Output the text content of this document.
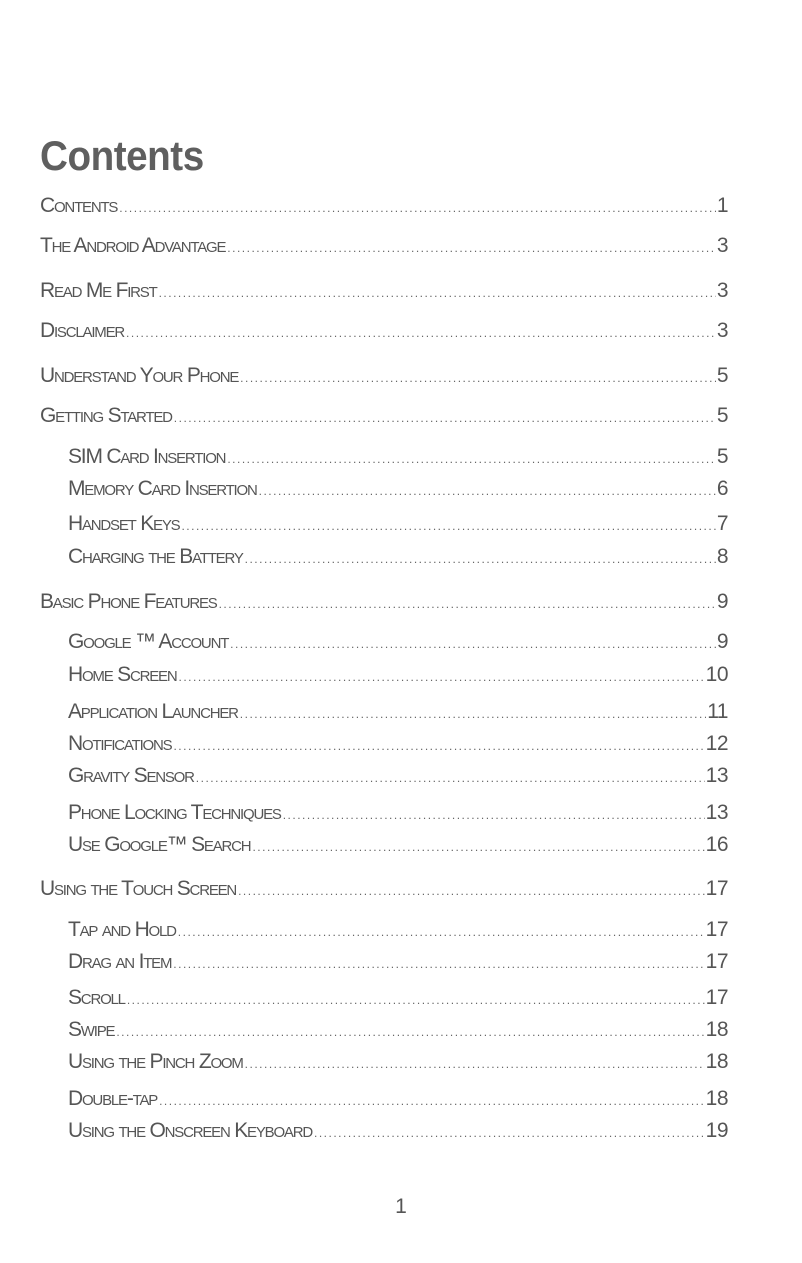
Contents
Contents .....	1
The Android Advantage .....	3
Read Me First .....	3
Disclaimer .....	3
Understand Your Phone .....	5
Getting Started .....	5
SIM Card Insertion .....	5
Memory Card Insertion .....	6
Handset Keys .....	7
Charging the Battery .....	8
Basic Phone Features .....	9
Google ™ Account .....	9
Home Screen .....	10
Application Launcher .....	11
Notifications .....	12
Gravity Sensor .....	13
Phone Locking Techniques .....	13
Use Google™ Search .....	16
Using the Touch Screen .....	17
Tap and Hold .....	17
Drag an Item .....	17
Scroll .....	17
Swipe .....	18
Using the Pinch Zoom .....	18
Double-tap .....	18
Using the Onscreen Keyboard .....	19
1
